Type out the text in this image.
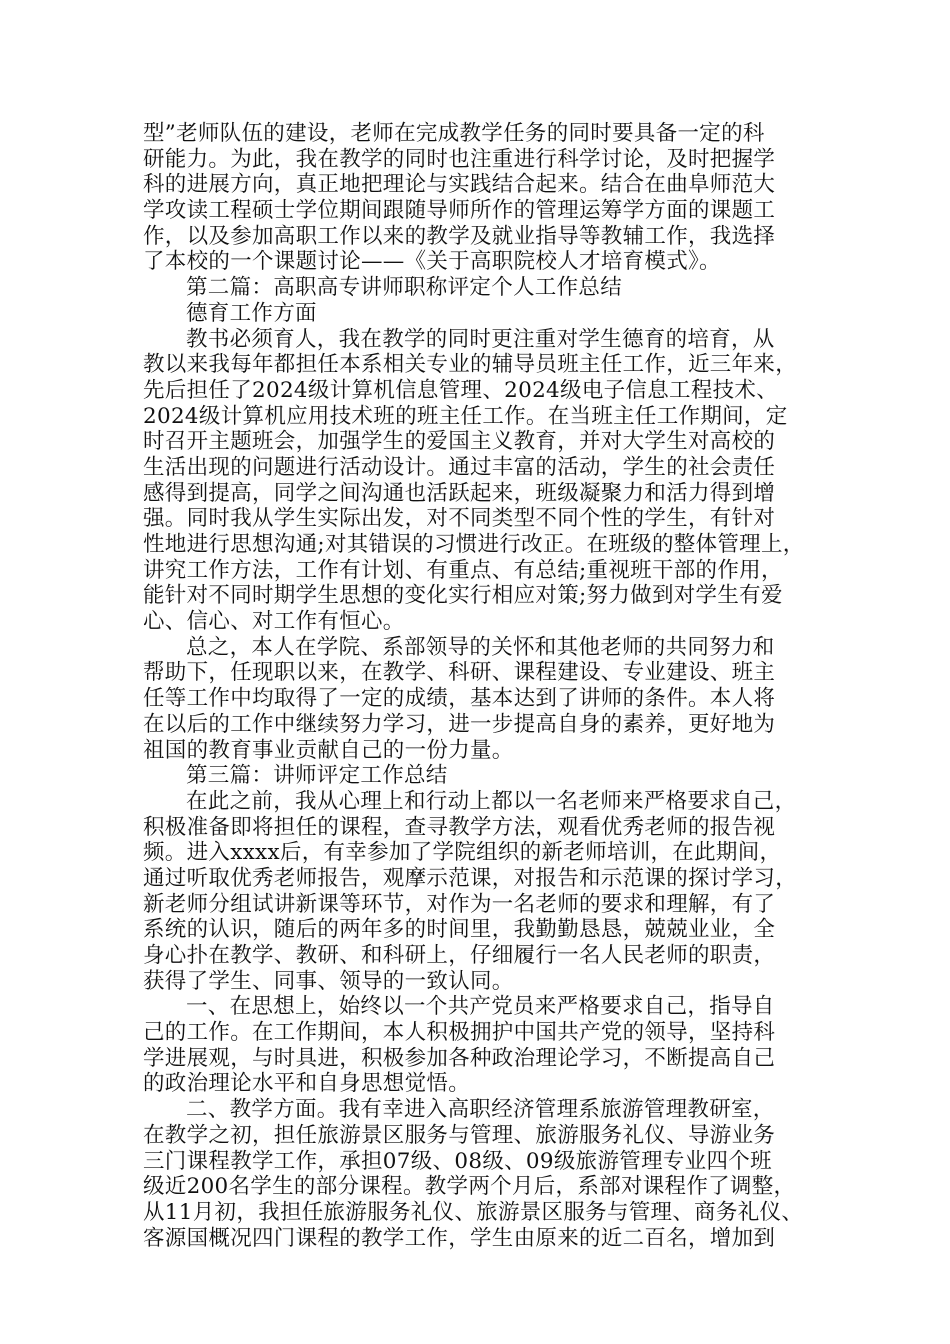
型”老师队伍的建设，老师在完成教学任务的同时要具备一定的科
研能力。为此，我在教学的同时也注重进行科学讨论，及时把握学
科的进展方向，真正地把理论与实践结合起来。结合在曲阜师范大
学攻读工程硕士学位期间跟随导师所作的管理运筹学方面的课题工
作，以及参加高职工作以来的教学及就业指导等教辅工作，我选择
了本校的一个课题讨论——《关于高职院校人才培育模式》。
第二篇：高职高专讲师职称评定个人工作总结
德育工作方面
教书必须育人，我在教学的同时更注重对学生德育的培育，从
教以来我每年都担任本系相关专业的辅导员班主任工作，近三年来，
先后担任了2024级计算机信息管理、2024级电子信息工程技术、
2024级计算机应用技术班的班主任工作。在当班主任工作期间，定
时召开主题班会，加强学生的爱国主义教育，并对大学生对高校的
生活出现的问题进行活动设计。通过丰富的活动，学生的社会责任
感得到提高，同学之间沟通也活跃起来，班级凝聚力和活力得到增
强。同时我从学生实际出发，对不同类型不同个性的学生，有针对
性地进行思想沟通;对其错误的习惯进行改正。在班级的整体管理上，
讲究工作方法，工作有计划、有重点、有总结;重视班干部的作用，
能针对不同时期学生思想的变化实行相应对策;努力做到对学生有爱
心、信心、对工作有恒心。
总之，本人在学院、系部领导的关怀和其他老师的共同努力和
帮助下，任现职以来，在教学、科研、课程建设、专业建设、班主
任等工作中均取得了一定的成绩，基本达到了讲师的条件。本人将
在以后的工作中继续努力学习，进一步提高自身的素养，更好地为
祖国的教育事业贡献自己的一份力量。
第三篇：讲师评定工作总结
在此之前，我从心理上和行动上都以一名老师来严格要求自己，
积极准备即将担任的课程，查寻教学方法，观看优秀老师的报告视
频。进入xxxx后，有幸参加了学院组织的新老师培训，在此期间，
通过听取优秀老师报告，观摩示范课，对报告和示范课的探讨学习，
新老师分组试讲新课等环节，对作为一名老师的要求和理解，有了
系统的认识，随后的两年多的时间里，我勤勤恳恳，兢兢业业，全
身心扑在教学、教研、和科研上，仔细履行一名人民老师的职责，
获得了学生、同事、领导的一致认同。
一、在思想上，始终以一个共产党员来严格要求自己，指导自
己的工作。在工作期间，本人积极拥护中国共产党的领导，坚持科
学进展观，与时具进，积极参加各种政治理论学习，不断提高自己
的政治理论水平和自身思想觉悟。
二、教学方面。我有幸进入高职经济管理系旅游管理教研室，
在教学之初，担任旅游景区服务与管理、旅游服务礼仪、导游业务
三门课程教学工作，承担07级、08级、09级旅游管理专业四个班
级近200名学生的部分课程。教学两个月后，系部对课程作了调整，
从11月初，我担任旅游服务礼仪、旅游景区服务与管理、商务礼仪、
客源国概况四门课程的教学工作，学生由原来的近二百名，增加到
